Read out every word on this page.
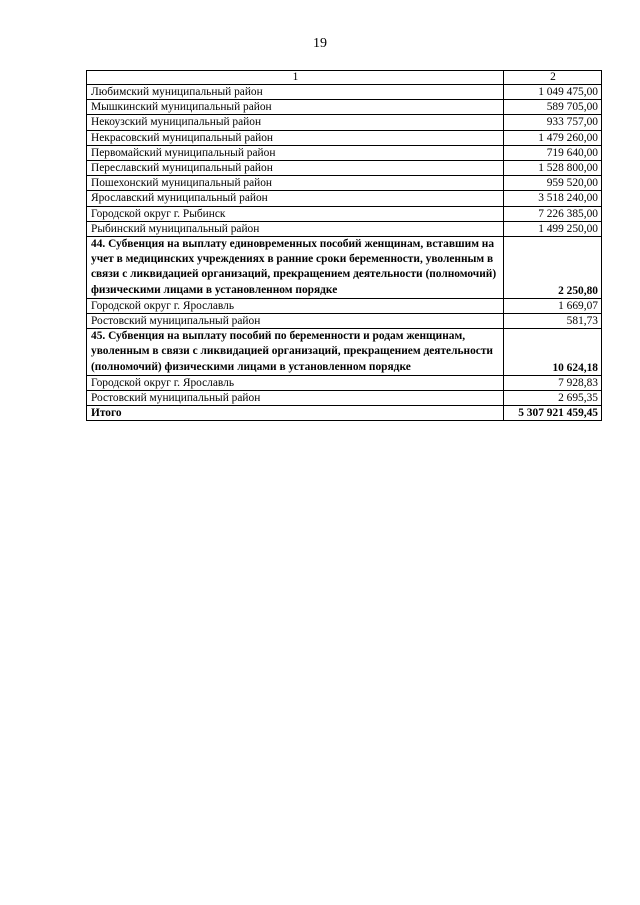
19
1	2
Любимский муниципальный район	1 049 475,00
Мышкинский муниципальный район	589 705,00
Некоузский муниципальный район	933 757,00
Некрасовский муниципальный район	1 479 260,00
Первомайский муниципальный район	719 640,00
Переславский муниципальный район	1 528 800,00
Пошехонский муниципальный район	959 520,00
Ярославский муниципальный район	3 518 240,00
Городской округ г. Рыбинск	7 226 385,00
Рыбинский муниципальный район	1 499 250,00
44. Субвенция на выплату единовременных пособий женщинам, вставшим на учет в медицинских учреждениях в ранние сроки беременности, уволенным в связи с ликвидацией организаций, прекращением деятельности (полномочий) физическими лицами в установленном порядке	2 250,80
Городской округ г. Ярославль	1 669,07
Ростовский муниципальный район	581,73
45. Субвенция на выплату пособий по беременности и родам женщинам, уволенным в связи с ликвидацией организаций, прекращением деятельности (полномочий) физическими лицами в установленном порядке	10 624,18
Городской округ г. Ярославль	7 928,83
Ростовский муниципальный район	2 695,35
Итого	5 307 921 459,45
